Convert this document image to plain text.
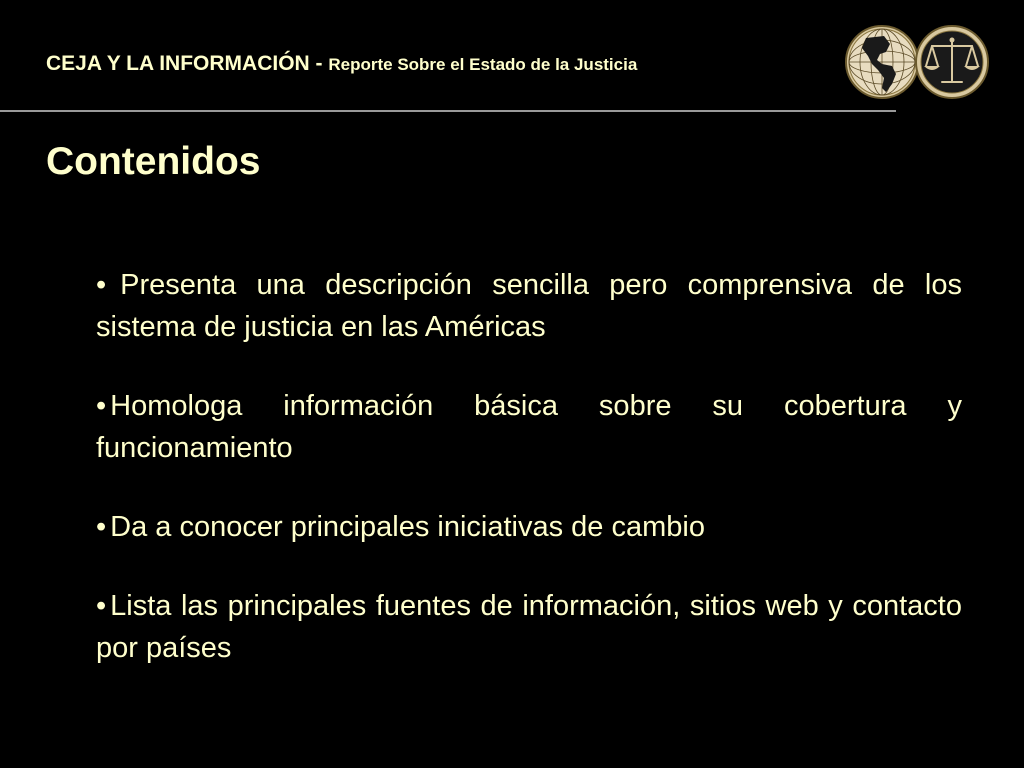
CEJA Y LA INFORMACIÓN - Reporte Sobre el Estado de la Justicia
Contenidos
• Presenta una descripción sencilla pero comprensiva de los sistema de justicia en las Américas
• Homologa información básica sobre su cobertura y funcionamiento
• Da a conocer principales iniciativas de cambio
• Lista las principales fuentes de información, sitios web y contacto por países
